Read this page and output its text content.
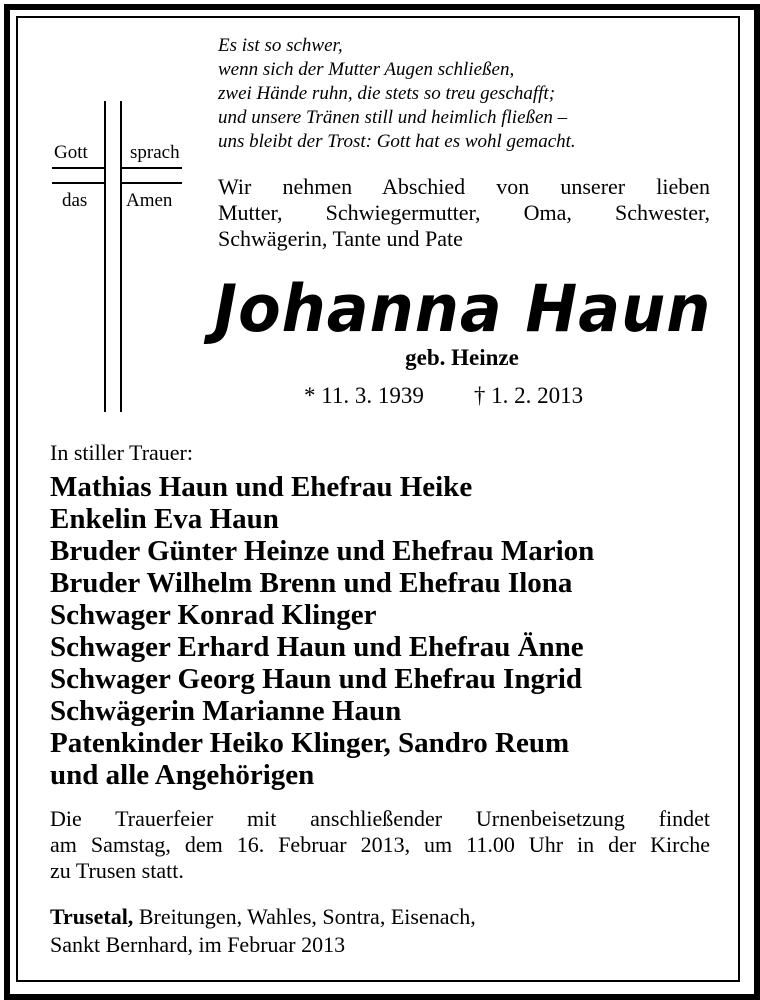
Gott sprach
das Amen
Es ist so schwer,
wenn sich der Mutter Augen schließen,
zwei Hände ruhn, die stets so treu geschafft;
und unsere Tränen still und heimlich fließen –
uns bleibt der Trost: Gott hat es wohl gemacht.

Wir nehmen Abschied von unserer lieben

Mutter, Schwiegermutter, Oma, Schwester,

Schwägerin, Tante und Pate

Johanna Haun
geb. Heinze
* 11. 3. 1939 † 1. 2. 2013
In stiller Trauer:
Mathias Haun und Ehefrau Heike
Enkelin Eva Haun
Bruder Günter Heinze und Ehefrau Marion
Bruder Wilhelm Brenn und Ehefrau Ilona
Schwager Konrad Klinger
Schwager Erhard Haun und Ehefrau Änne
Schwager Georg Haun und Ehefrau Ingrid
Schwägerin Marianne Haun
Patenkinder Heiko Klinger, Sandro Reum
und alle Angehörigen

Die Trauerfeier mit anschließender Urnenbeisetzung findet

am Samstag, dem 16. Februar 2013, um 11.00 Uhr in der Kirche

zu Trusen statt.

Trusetal, Breitungen, Wahles, Sontra, Eisenach,
Sankt Bernhard, im Februar 2013
